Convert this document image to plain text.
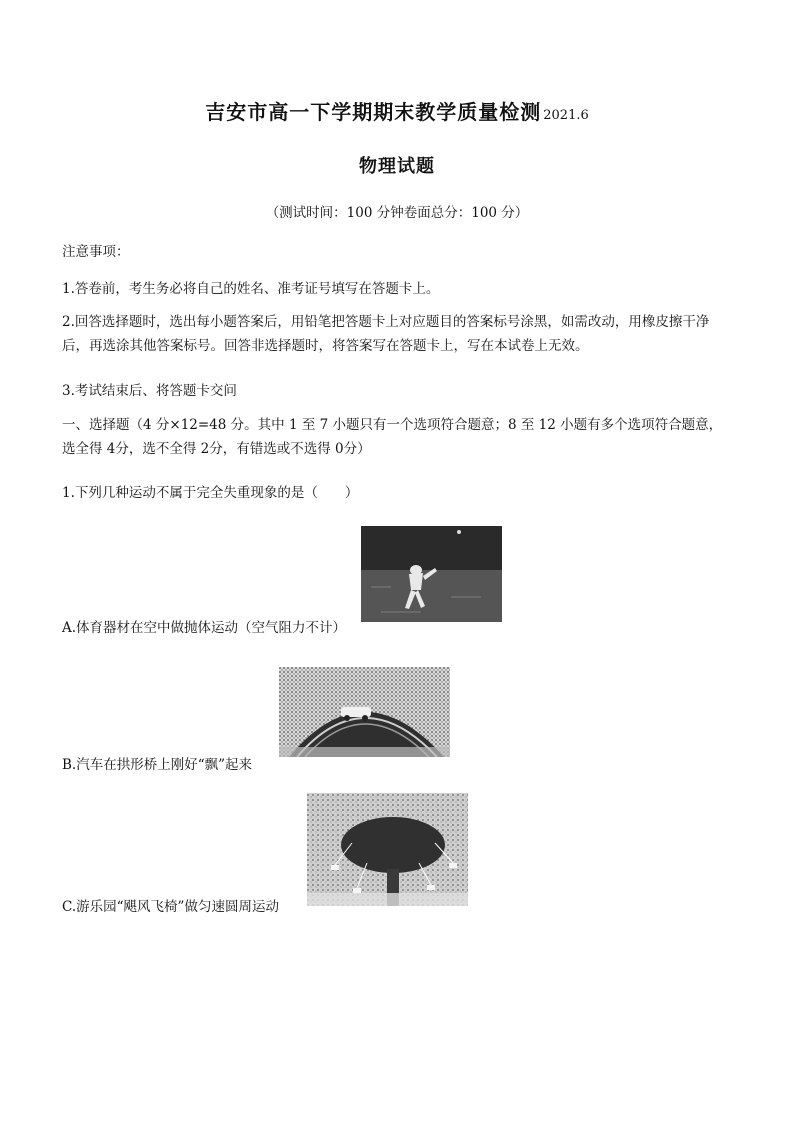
吉安市高一下学期期末教学质量检测 2021.6
物理试题
（测试时间：100 分钟卷面总分：100 分）
注意事项：
1.答卷前，考生务必将自己的姓名、准考证号填写在答题卡上。
2.回答选择题时，选出每小题答案后，用铅笔把答题卡上对应题目的答案标号涂黑，如需改动，用橡皮擦干净后，再选涂其他答案标号。回答非选择题时，将答案写在答题卡上，写在本试卷上无效。
3.考试结束后、将答题卡交问
一、选择题（4 分×12=48 分。其中 1 至 7 小题只有一个选项符合题意；8 至 12 小题有多个选项符合题意，选全得 4分，选不全得 2分，有错选或不选得 0分）
1.下列几种运动不属于完全失重现象的是（　　）
A.体育器材在空中做抛体运动（空气阻力不计）
B.汽车在拱形桥上刚好“飘”起来
C.游乐园“飓风飞椅”做匀速圆周运动
